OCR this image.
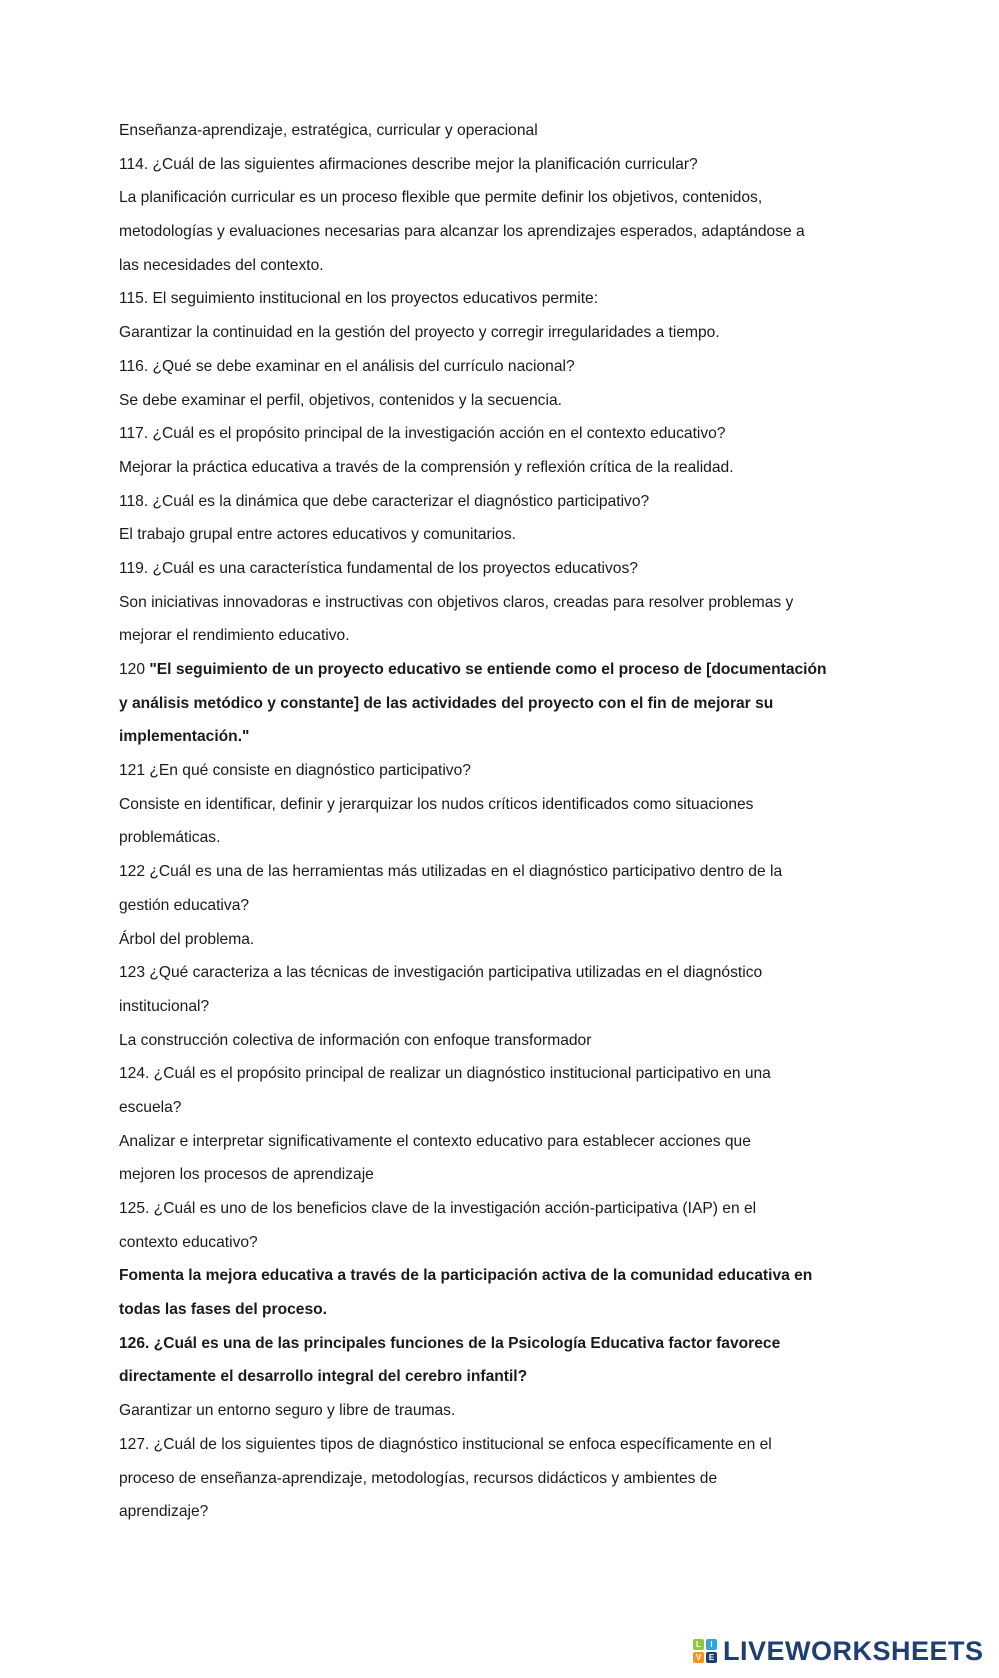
Enseñanza-aprendizaje, estratégica, curricular y operacional
114. ¿Cuál de las siguientes afirmaciones describe mejor la planificación curricular?
La planificación curricular es un proceso flexible que permite definir los objetivos, contenidos,
metodologías y evaluaciones necesarias para alcanzar los aprendizajes esperados, adaptándose a
las necesidades del contexto.
115. El seguimiento institucional en los proyectos educativos permite:
Garantizar la continuidad en la gestión del proyecto y corregir irregularidades a tiempo.
116. ¿Qué se debe examinar en el análisis del currículo nacional?
Se debe examinar el perfil, objetivos, contenidos y la secuencia.
117. ¿Cuál es el propósito principal de la investigación acción en el contexto educativo?
Mejorar la práctica educativa a través de la comprensión y reflexión crítica de la realidad.
118. ¿Cuál es la dinámica que debe caracterizar el diagnóstico participativo?
El trabajo grupal entre actores educativos y comunitarios.
119. ¿Cuál es una característica fundamental de los proyectos educativos?
Son iniciativas innovadoras e instructivas con objetivos claros, creadas para resolver problemas y
mejorar el rendimiento educativo.
120 "El seguimiento de un proyecto educativo se entiende como el proceso de [documentación
y análisis metódico y constante] de las actividades del proyecto con el fin de mejorar su
implementación."
121 ¿En qué consiste en diagnóstico participativo?
Consiste en identificar, definir y jerarquizar los nudos críticos identificados como situaciones
problemáticas.
122 ¿Cuál es una de las herramientas más utilizadas en el diagnóstico participativo dentro de la
gestión educativa?
Árbol del problema.
123 ¿Qué caracteriza a las técnicas de investigación participativa utilizadas en el diagnóstico
institucional?
La construcción colectiva de información con enfoque transformador
124. ¿Cuál es el propósito principal de realizar un diagnóstico institucional participativo en una
escuela?
Analizar e interpretar significativamente el contexto educativo para establecer acciones que
mejoren los procesos de aprendizaje
125. ¿Cuál es uno de los beneficios clave de la investigación acción-participativa (IAP) en el
contexto educativo?
Fomenta la mejora educativa a través de la participación activa de la comunidad educativa en
todas las fases del proceso.
126. ¿Cuál es una de las principales funciones de la Psicología Educativa factor favorece
directamente el desarrollo integral del cerebro infantil?
Garantizar un entorno seguro y libre de traumas.
127. ¿Cuál de los siguientes tipos de diagnóstico institucional se enfoca específicamente en el
proceso de enseñanza-aprendizaje, metodologías, recursos didácticos y ambientes de
aprendizaje?
L	I
V E LIVEWORKSHEETS
